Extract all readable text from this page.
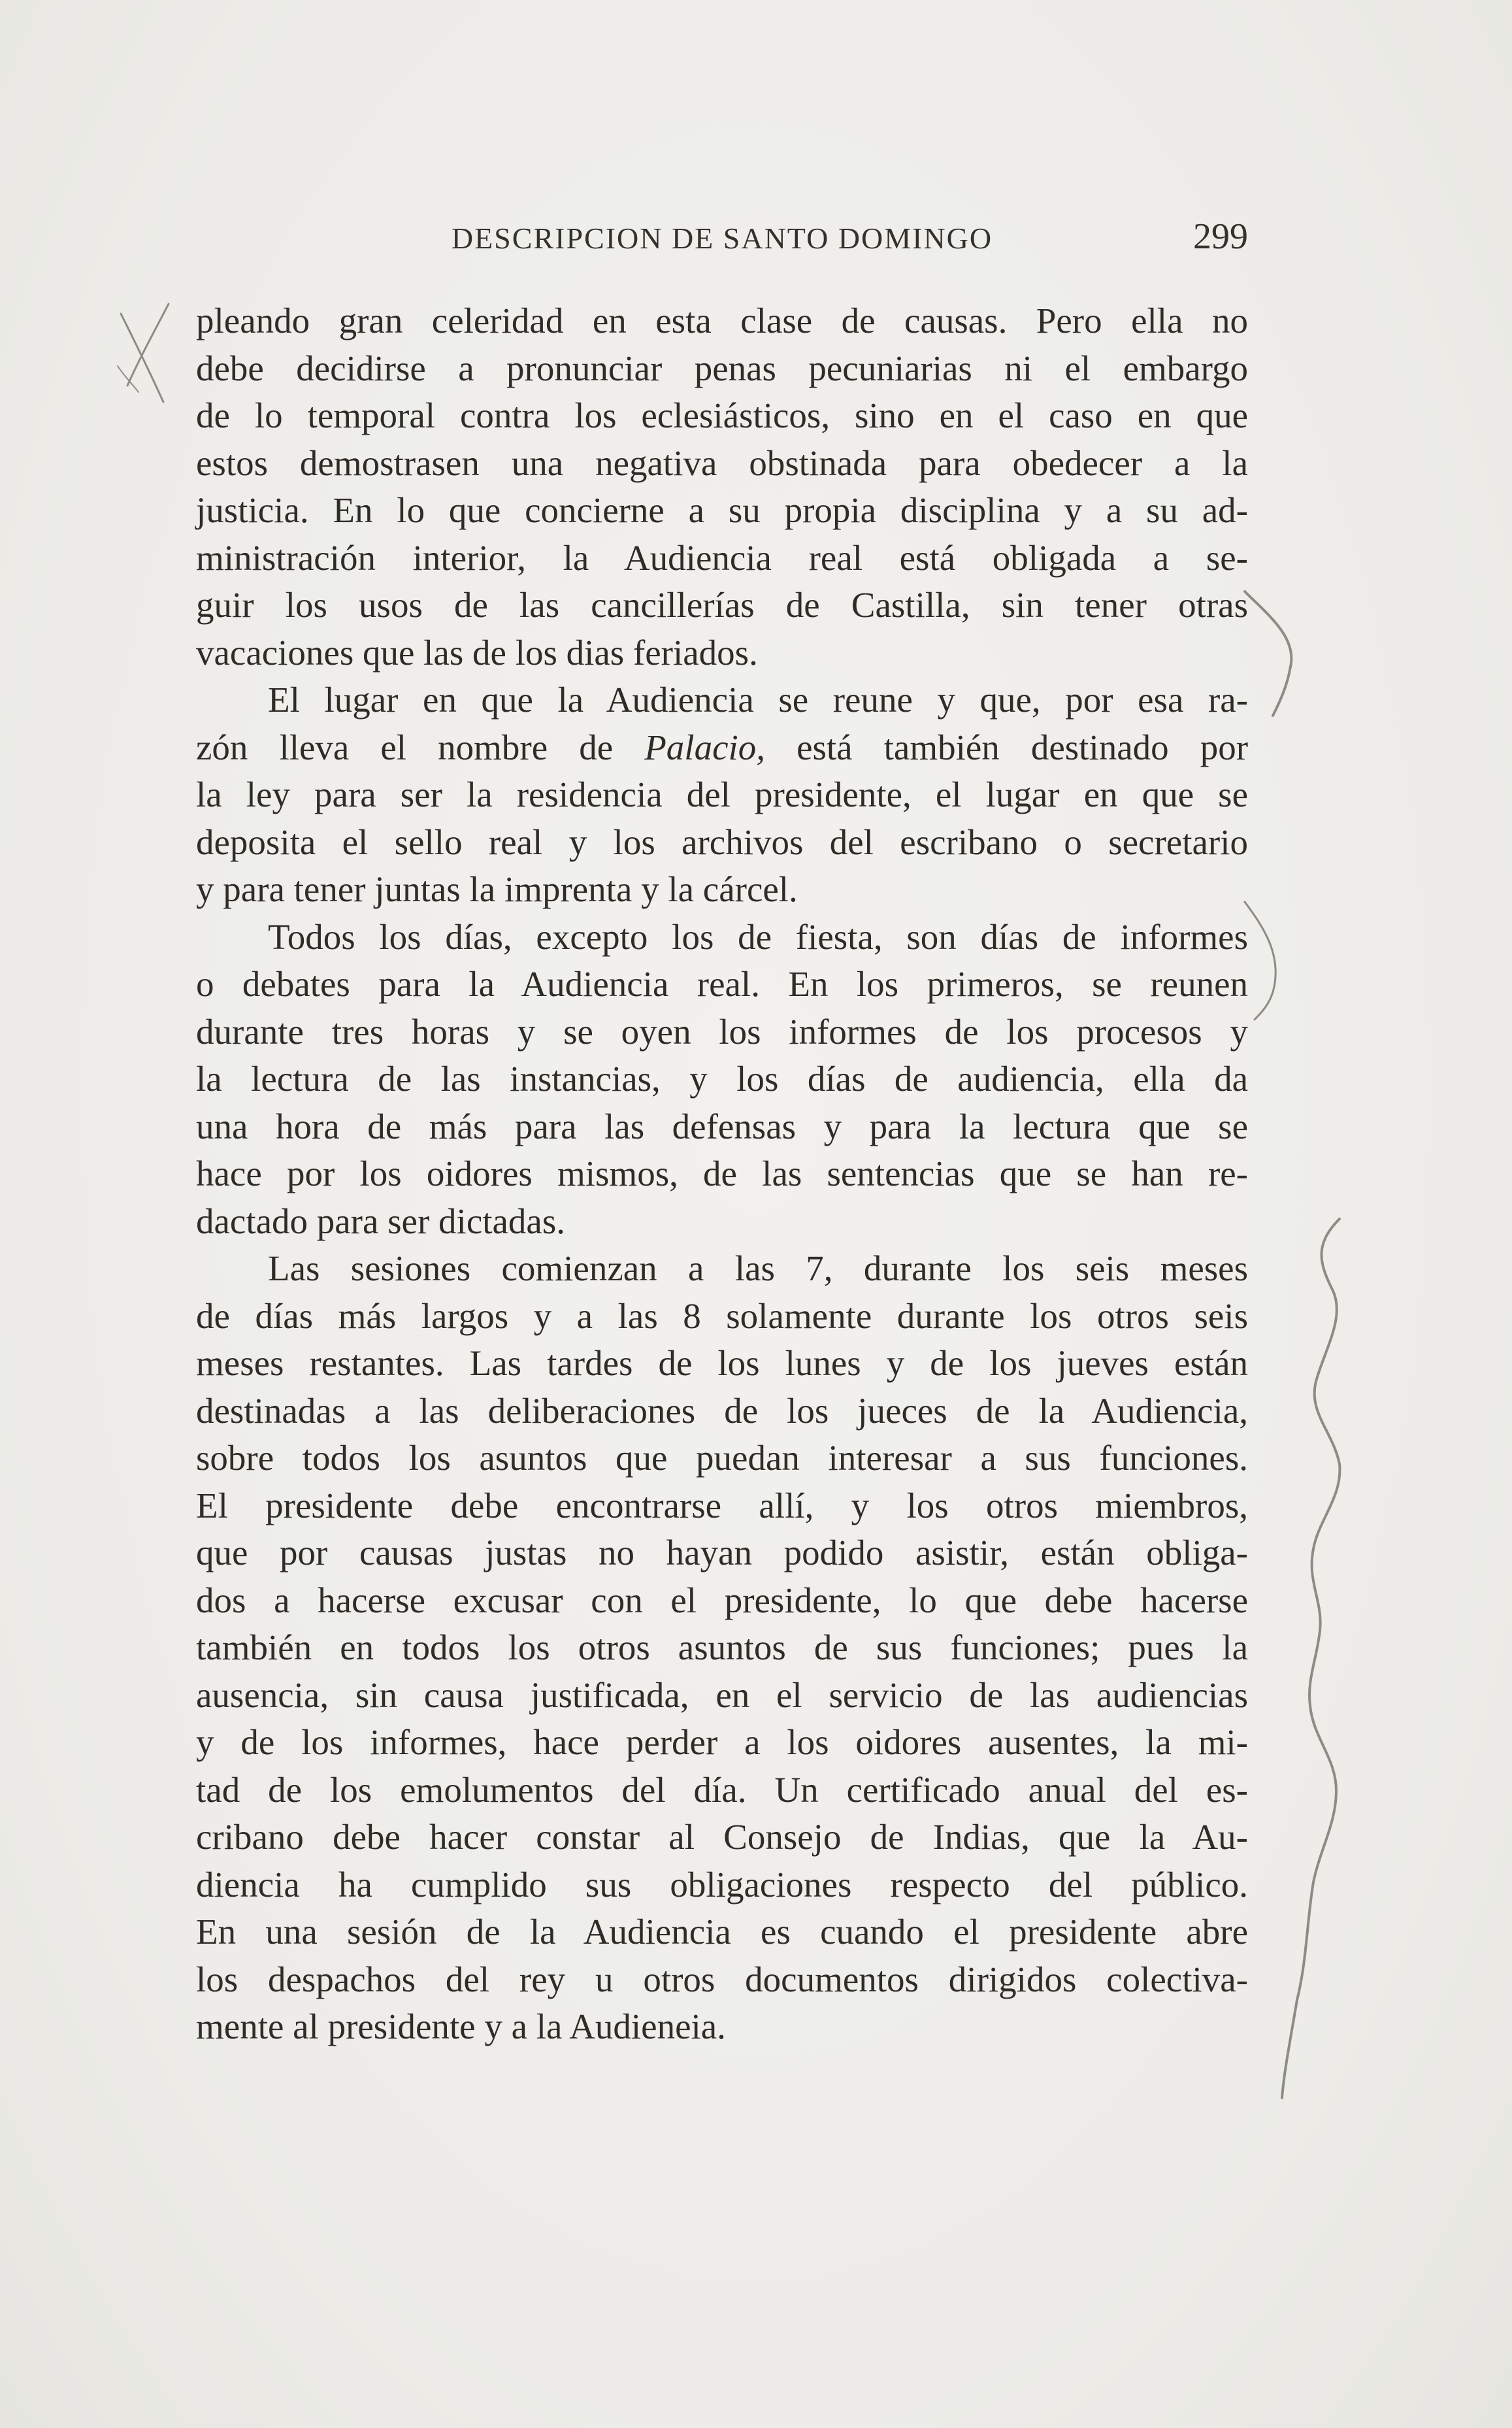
DESCRIPCION DE SANTO DOMINGO	299
pleando gran celeridad en esta clase de causas. Pero ella no
debe decidirse a pronunciar penas pecuniarias ni el embargo
de lo temporal contra los eclesiásticos, sino en el caso en que
estos demostrasen una negativa obstinada para obedecer a la
justicia. En lo que concierne a su propia disciplina y a su ad-
ministración interior, la Audiencia real está obligada a se-
guir los usos de las cancillerías de Castilla, sin tener otras
vacaciones que las de los dias feriados.
El lugar en que la Audiencia se reune y que, por esa ra-
zón lleva el nombre de Palacio, está también destinado por
la ley para ser la residencia del presidente, el lugar en que se
deposita el sello real y los archivos del escribano o secretario
y para tener juntas la imprenta y la cárcel.
Todos los días, excepto los de fiesta, son días de informes
o debates para la Audiencia real. En los primeros, se reunen
durante tres horas y se oyen los informes de los procesos y
la lectura de las instancias, y los días de audiencia, ella da
una hora de más para las defensas y para la lectura que se
hace por los oidores mismos, de las sentencias que se han re-
dactado para ser dictadas.
Las sesiones comienzan a las 7, durante los seis meses
de días más largos y a las 8 solamente durante los otros seis
meses restantes. Las tardes de los lunes y de los jueves están
destinadas a las deliberaciones de los jueces de la Audiencia,
sobre todos los asuntos que puedan interesar a sus funciones.
El presidente debe encontrarse allí, y los otros miembros,
que por causas justas no hayan podido asistir, están obliga-
dos a hacerse excusar con el presidente, lo que debe hacerse
también en todos los otros asuntos de sus funciones; pues la
ausencia, sin causa justificada, en el servicio de las audiencias
y de los informes, hace perder a los oidores ausentes, la mi-
tad de los emolumentos del día. Un certificado anual del es-
cribano debe hacer constar al Consejo de Indias, que la Au-
diencia ha cumplido sus obligaciones respecto del público.
En una sesión de la Audiencia es cuando el presidente abre
los despachos del rey u otros documentos dirigidos colectiva-
mente al presidente y a la Audieneia.
